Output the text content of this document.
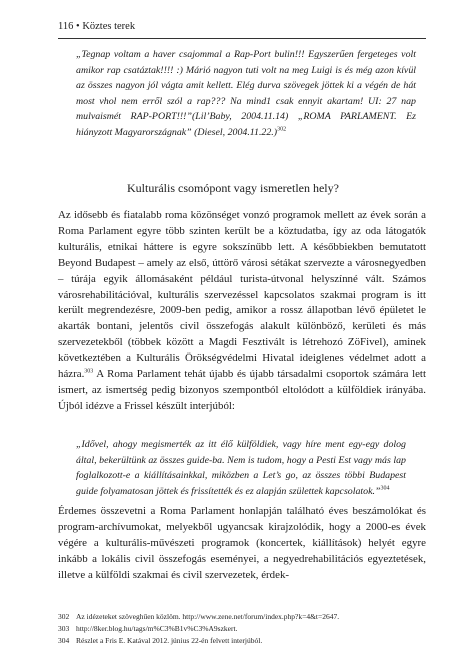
116 • Köztes terek
„Tegnap voltam a haver csajommal a Rap-Port bulin!!! Egyszerűen fergeteges volt amikor rap csatáztak!!!! :) Márió nagyon tuti volt na meg Luigi is és még azon kívül az összes nagyon jól vágta amit kellett. Elég durva szövegek jöttek ki a végén de hát most vhol nem erről szól a rap??? Na mind1 csak ennyit akartam! UI: 27 nap mulvaismét RAP-PORT!!!”(Lil’Baby, 2004.11.14) „ROMA PARLAMENT. Ez hiányzott Magyarországnak” (Diesel, 2004.11.22.)$^{302}$
Kulturális csomópont vagy ismeretlen hely?
Az idősebb és fiatalabb roma közönséget vonzó programok mellett az évek során a Roma Parlament egyre több szinten került be a köztudatba, így az oda látogatók kulturális, etnikai háttere is egyre sokszínűbb lett. A későbbiekben bemutatott Beyond Budapest – amely az első, úttörő városi sétákat szervezte a városnegyedben – túrája egyik állomásaként például turista-útvonal helyszínné vált. Számos városrehabilitációval, kulturális szervezéssel kapcsolatos szakmai program is itt került megrendezésre, 2009-ben pedig, amikor a rossz állapotban lévő épületet le akarták bontani, jelentős civil összefogás alakult különböző, kerületi és más szervezetekből (többek között a Magdi Fesztivált is létrehozó ZöFivel), aminek következtében a Kulturális Örökségvédelmi Hivatal ideiglenes védelmet adott a házra.$^{303}$ A Roma Parlament tehát újabb és újabb társadalmi csoportok számára lett ismert, az ismertség pedig bizonyos szempontból eltolódott a külföldiek irányába. Újból idézve a Frissel készült interjúból:
„Idővel, ahogy megismerték az itt élő külföldiek, vagy híre ment egy-egy dolog által, bekerültünk az összes guide-ba. Nem is tudom, hogy a Pesti Est vagy más lap foglalkozott-e a kiállításainkkal, miközben a Let’s go, az összes többi Budapest guide folyamatosan jöttek és frissítették és ez alapján születtek kapcsolatok.”$^{304}$
Érdemes összevetni a Roma Parlament honlapján található éves beszámolókat és program-archívumokat, melyekből ugyancsak kirajzolódik, hogy a 2000-es évek végére a kulturális-művészeti programok (koncertek, kiállítások) helyét egyre inkább a lokális civil összefogás eseményei, a negyedrehabilitációs egyeztetések, illetve a külföldi szakmai és civil szervezetek, érdek-
302 Az idézeteket szöveghűen közlöm. http://www.zene.net/forum/index.php?k=4&t=2647.
303 http://8ker.blog.hu/tags/m%C3%B1v%C3%A9szkert.
304 Részlet a Fris E. Katával 2012. június 22-én felvett interjúból.
